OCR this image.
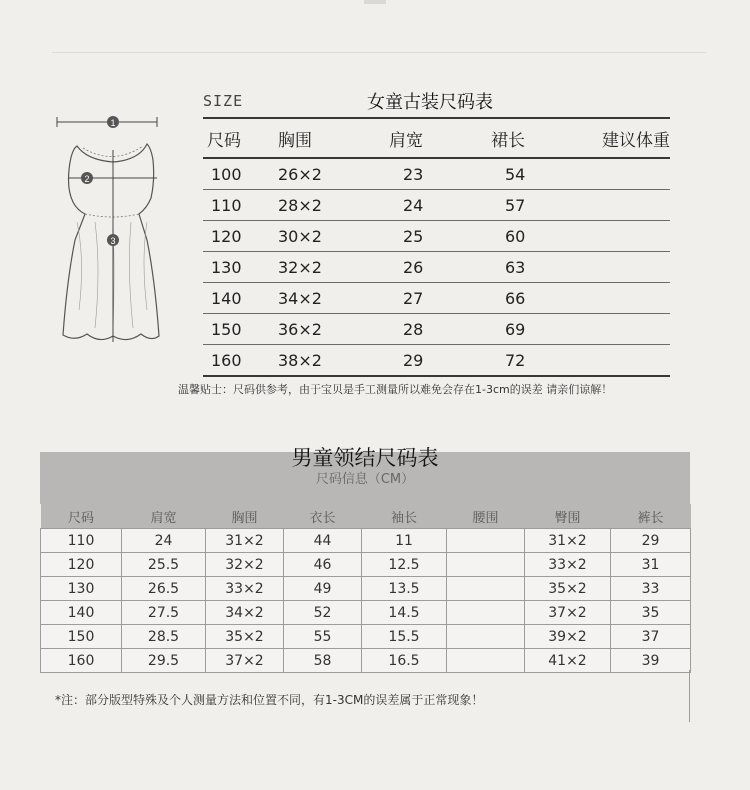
1
2
3
SIZE	女童古装尺码表
尺码	胸围	肩宽	裙长	建议体重
100	26×2	23	54	
110	28×2	24	57	
120	30×2	25	60	
130	32×2	26	63	
140	34×2	27	66	
150	36×2	28	69	
160	38×2	29	72	
温馨贴士：尺码供参考，由于宝贝是手工测量所以难免会存在1-3cm的误差 请亲们谅解！
男童领结尺码表
尺码信息（CM）
尺码	肩宽	胸围	衣长	袖长	腰围	臀围	裤长
110	24	31×2	44	11		31×2	29
120	25.5	32×2	46	12.5		33×2	31
130	26.5	33×2	49	13.5		35×2	33
140	27.5	34×2	52	14.5		37×2	35
150	28.5	35×2	55	15.5		39×2	37
160	29.5	37×2	58	16.5		41×2	39
*注：部分版型特殊及个人测量方法和位置不同，有1-3CM的误差属于正常现象！
